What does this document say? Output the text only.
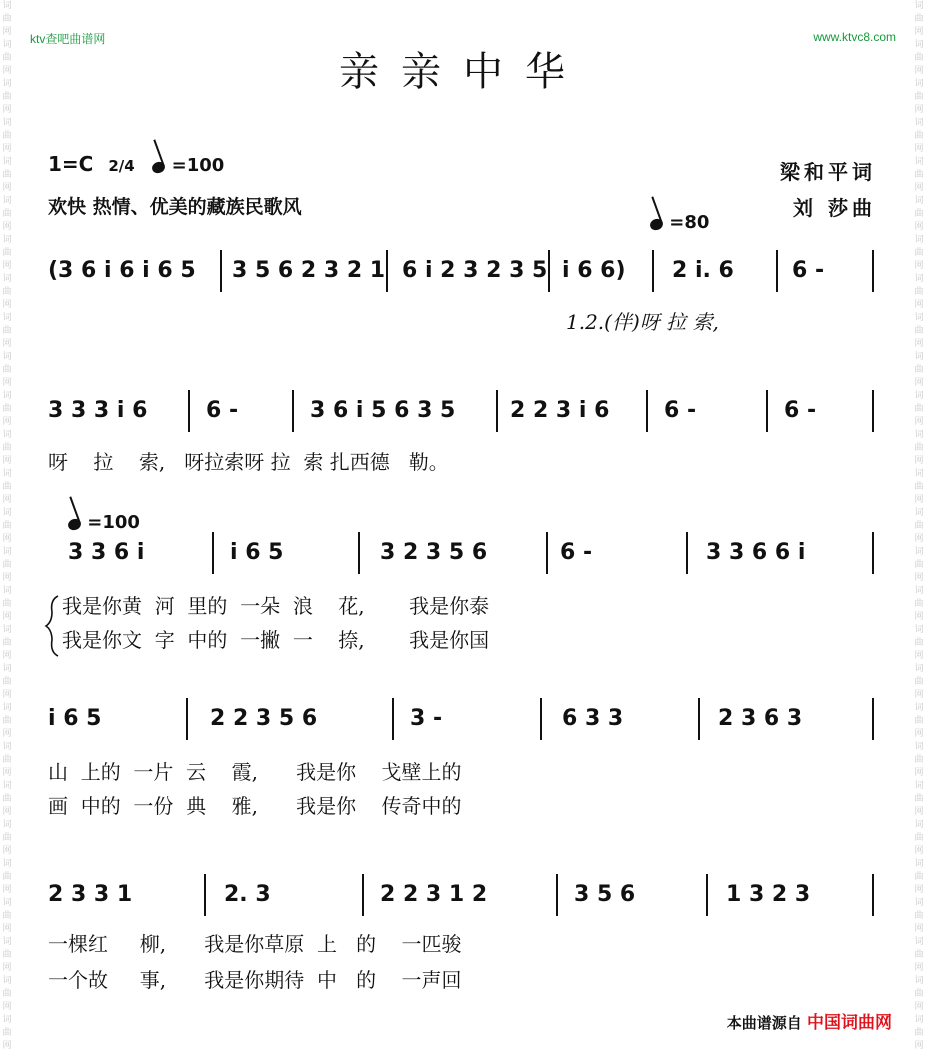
词
曲
网
词
曲
网
词
曲
网
词
曲
网
词
曲
网
词
曲
网
词
曲
网
词
曲
网
词
曲
网
词
曲
网
词
曲
网
词
曲
网
词
曲
网
词
曲
网
词
曲
网
词
曲
网
词
曲
网
词
曲
网
词
曲
网
词
曲
网
词
曲
网
词
曲
网
词
曲
网
词
曲
网
词
曲
网
词
曲
网
词
曲
网
词
曲
网
词
曲
网
词
曲
网
词
曲
网
词
曲
网
词
曲
网
词
曲
网
词
曲
网
词
曲
网
词
曲
网
词
曲
网
词
曲
网
词
曲
网
词
曲
网
词
曲
网
词
曲
网
词
曲
网
词
曲
网
词
曲
网
词
曲
网
词
曲
网
词
曲
网
词
曲
网
词
曲
网
词
曲
网
词
曲
网
词
曲
网
ktv查吧曲谱网	www.ktvc8.com
亲亲中华
1=C 2/4 =100
欢快 热情、优美的藏族民歌风
梁和平词
刘 莎曲
=80
=100
(3 6 i 6 i 6 5 3 5 6 2 3 2 1 6 i 2 3 2 3 5 i 6 6) 2 i. 6	6 -
3 3 3 i 6	6 -	3 6 i 5 6 3 5 2 2 3 i 6 6 -	6 -
3 3 6 i	i 6 5	3 2 3 5 6	6 -	3 3 6 6 i
i 6 5	2 2 3 5 6	3 -	6 3 3	2 3 6 3
2 3 3 1	2. 3	2 2 3 1 2	3 5 6	1 3 2 3
1.2.(伴)呀 拉 索,
呀    拉    索,   呀拉索呀 拉  索 扎西德   勒。
我是你黄  河  里的  一朵  浪    花,       我是你泰
我是你文  字  中的  一撇  一    捺,       我是你国
山  上的  一片  云    霞,      我是你    戈壁上的
画  中的  一份  典    雅,      我是你    传奇中的
一棵红     柳,      我是你草原  上   的    一匹骏
一个故     事,      我是你期待  中   的    一声回
本曲谱源自 中国词曲网
